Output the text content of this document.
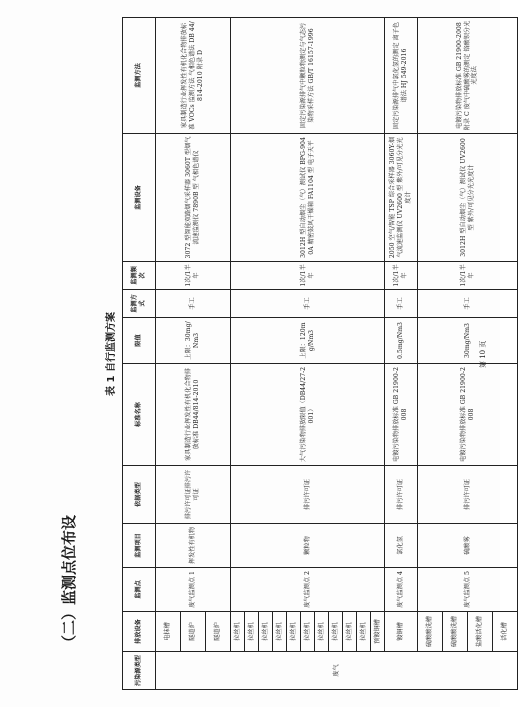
（二）监测点位布设
表 1 自行监测方案
污染源类型	排放设备	监测点	监测项目	依据类型	标准名称	限值	监测方式	监测频次	监测设备	监测方法
废气	电抹槽	废气监测点 1	挥发性有机物	排污许可证排污许可证	家具制造行业挥发性有机化合物排放标准 DB44/814-2010	上限：30mg/Nm3	手工	1次/1半年	3072 型智能双路烟气采样器 3060T 型烟气流速监测仪 7890B 型 气相色谱仪	家具制造行业挥发性有机化合物排放标准 VOCs 监测方法 气相色谱法 DB 44/814-2010 附录 D
	隧道炉									
	隧道炉									
	拉丝机	废气监测点 2	颗粒物	排污许可证	大气污染物排放限值（DB44/27-2001）	上限：120mg/Nm3	手工	1次/1半年	3012H 型自动烟尘（气）测试仪 BPG-9040A 精密鼓风干燥箱 FA1104 型 电子天平	固定污染源排气中颗粒物测定与气态污染物采样方法 GB/T 16157-1996
	拉丝机									
	拉丝机									
	拉丝机									
	拉丝机									
	拉丝机									
	拉丝机									
	拉丝机									
	拉丝机									
	拉丝机									
	预镀铜槽									
	镀铜槽	废气监测点 4	氯化氢	排污许可证	电镀污染物排放标准 GB 21900-2008	0.5mg/Nm3	手工	1次/1半年	2050 空气/智能 TSP 综合采样器 3060Y-烟气流速监测仪 UV2600 型 紫外/可见分光光度计	固定污染源排气中氯化氢的测定 离子色谱法 HJ 549-2016
	硫酸酸洗槽	废气监测点 5	硫酸雾	排污许可证	电镀污染物排放标准 GB 21900-2008	30mg/Nm3	手工	1次/1半年	3012H 型自动烟尘（气）测试仪 UV2600 型 紫外/可见分光光度计	电镀污染物排放标准 GB 21900-2008 附录 C 废气中硫酸雾的测定 铬酸钡分光光度法
	硫酸酸洗槽									
	盐酸活化槽									
	活化槽									
第 10 页
